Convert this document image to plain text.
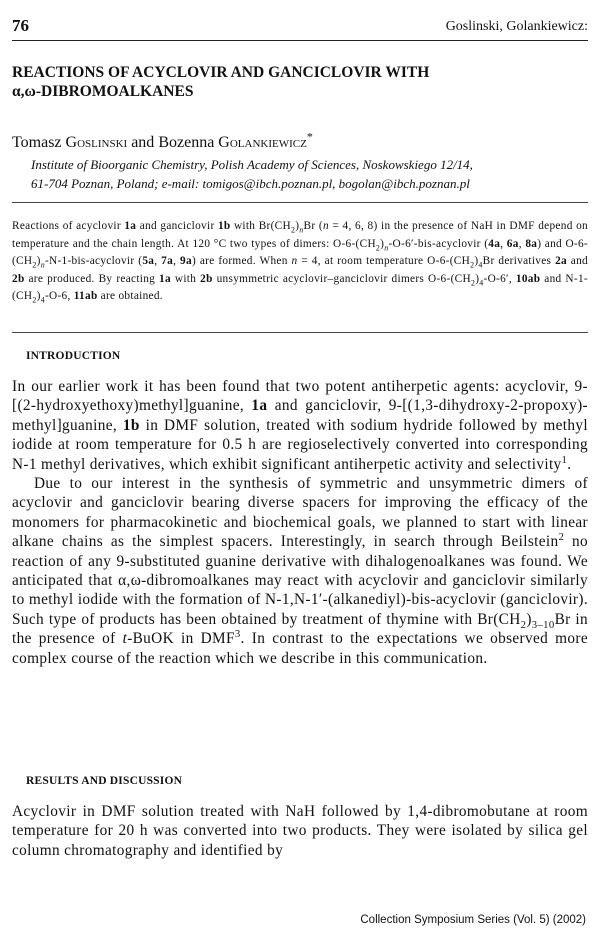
76	Goslinski, Golankiewicz:
REACTIONS OF ACYCLOVIR AND GANCICLOVIR WITH
α,ω-DIBROMOALKANES
Tomasz Goslinski and Bozenna Golankiewicz*
Institute of Bioorganic Chemistry, Polish Academy of Sciences, Noskowskiego 12/14,
61-704 Poznan, Poland; e-mail: tomigos@ibch.poznan.pl, bogolan@ibch.poznan.pl
Reactions of acyclovir 1a and ganciclovir 1b with $Br(CH_2)_nBr$ (n = 4, 6, 8) in the presence of NaH in DMF depend on temperature and the chain length. At 120 °C two types of dimers: $O-6-(CH_2)_n-O-6'-bis$-acyclovir (4a, 6a, 8a) and $O-6-(CH_2)_n-N-1-bis$-acyclovir (5a, 7a, 9a) are formed. When n = 4, at room temperature $O-6-(CH_2)_4Br$ derivatives 2a and 2b are produced. By reacting 1a with 2b unsymmetric acyclovir–ganciclovir dimers $O-6-(CH_2)_4-O-6'$, 10ab and $N-1-(CH_2)_4-O-6$, 11ab are obtained.
INTRODUCTION

In our earlier work it has been found that two potent antiherpetic agents: acyclovir, 9-[(2-hydroxyethoxy)methyl]guanine, 1a and ganciclovir, 9-[(1,3-dihydroxy-2-propoxy)-methyl]guanine, 1b in DMF solution, treated with sodium hydride followed by methyl iodide at room temperature for 0.5 h are regioselectively converted into corresponding N-1 methyl derivatives, which exhibit significant antiherpetic activity and selectivity$^1$.

Due to our interest in the synthesis of symmetric and unsymmetric dimers of acyclovir and ganciclovir bearing diverse spacers for improving the efficacy of the monomers for pharmacokinetic and biochemical goals, we planned to start with linear alkane chains as the simplest spacers. Interestingly, in search through Beilstein$^2$ no reaction of any 9-substituted guanine derivative with dihalogenoalkanes was found. We anticipated that α,ω-dibromoalkanes may react with acyclovir and ganciclovir similarly to methyl iodide with the formation of N-1,N-1′-(alkanediyl)-bis-acyclovir (ganciclovir). Such type of products has been obtained by treatment of thymine with $Br(CH_2)_{3-10}Br$ in the presence of t-BuOK in DMF$^3$. In contrast to the expectations we observed more complex course of the reaction which we describe in this communication.

RESULTS AND DISCUSSION

Acyclovir in DMF solution treated with NaH followed by 1,4-dibromobutane at room temperature for 20 h was converted into two products. They were isolated by silica gel column chromatography and identified by

Collection Symposium Series (Vol. 5) (2002)
